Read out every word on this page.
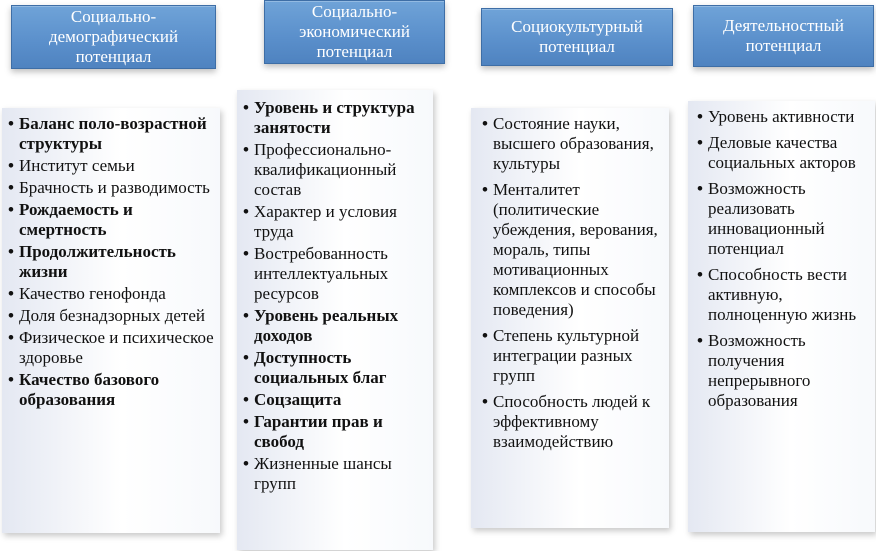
Социально-
демографический
потенциал
Социально-
экономический
потенциал
Социокультурный
потенциал
Деятельностный
потенциал
• Баланс поло-возрастной структуры
• Институт семьи
• Брачность и разводимость
• Рождаемость и смертность
• Продолжительность жизни
• Качество генофонда
• Доля безнадзорных детей
• Физическое и психическое здоровье
• Качество базового образования
• Уровень и структура занятости
• Профессионально-квалификационный состав
• Характер и условия труда
• Востребованность интеллектуальных ресурсов
• Уровень реальных доходов
• Доступность социальных благ
• Соцзащита
• Гарантии прав и свобод
• Жизненные шансы групп
• Состояние науки, высшего образования, культуры
• Менталитет (политические убеждения, верования, мораль, типы мотивационных комплексов и способы поведения)
• Степень культурной интеграции разных групп
• Способность людей к эффективному взаимодействию
• Уровень активности
• Деловые качества социальных акторов
• Возможность реализовать инновационный потенциал
• Способность вести активную, полноценную жизнь
• Возможность получения непрерывного образования
